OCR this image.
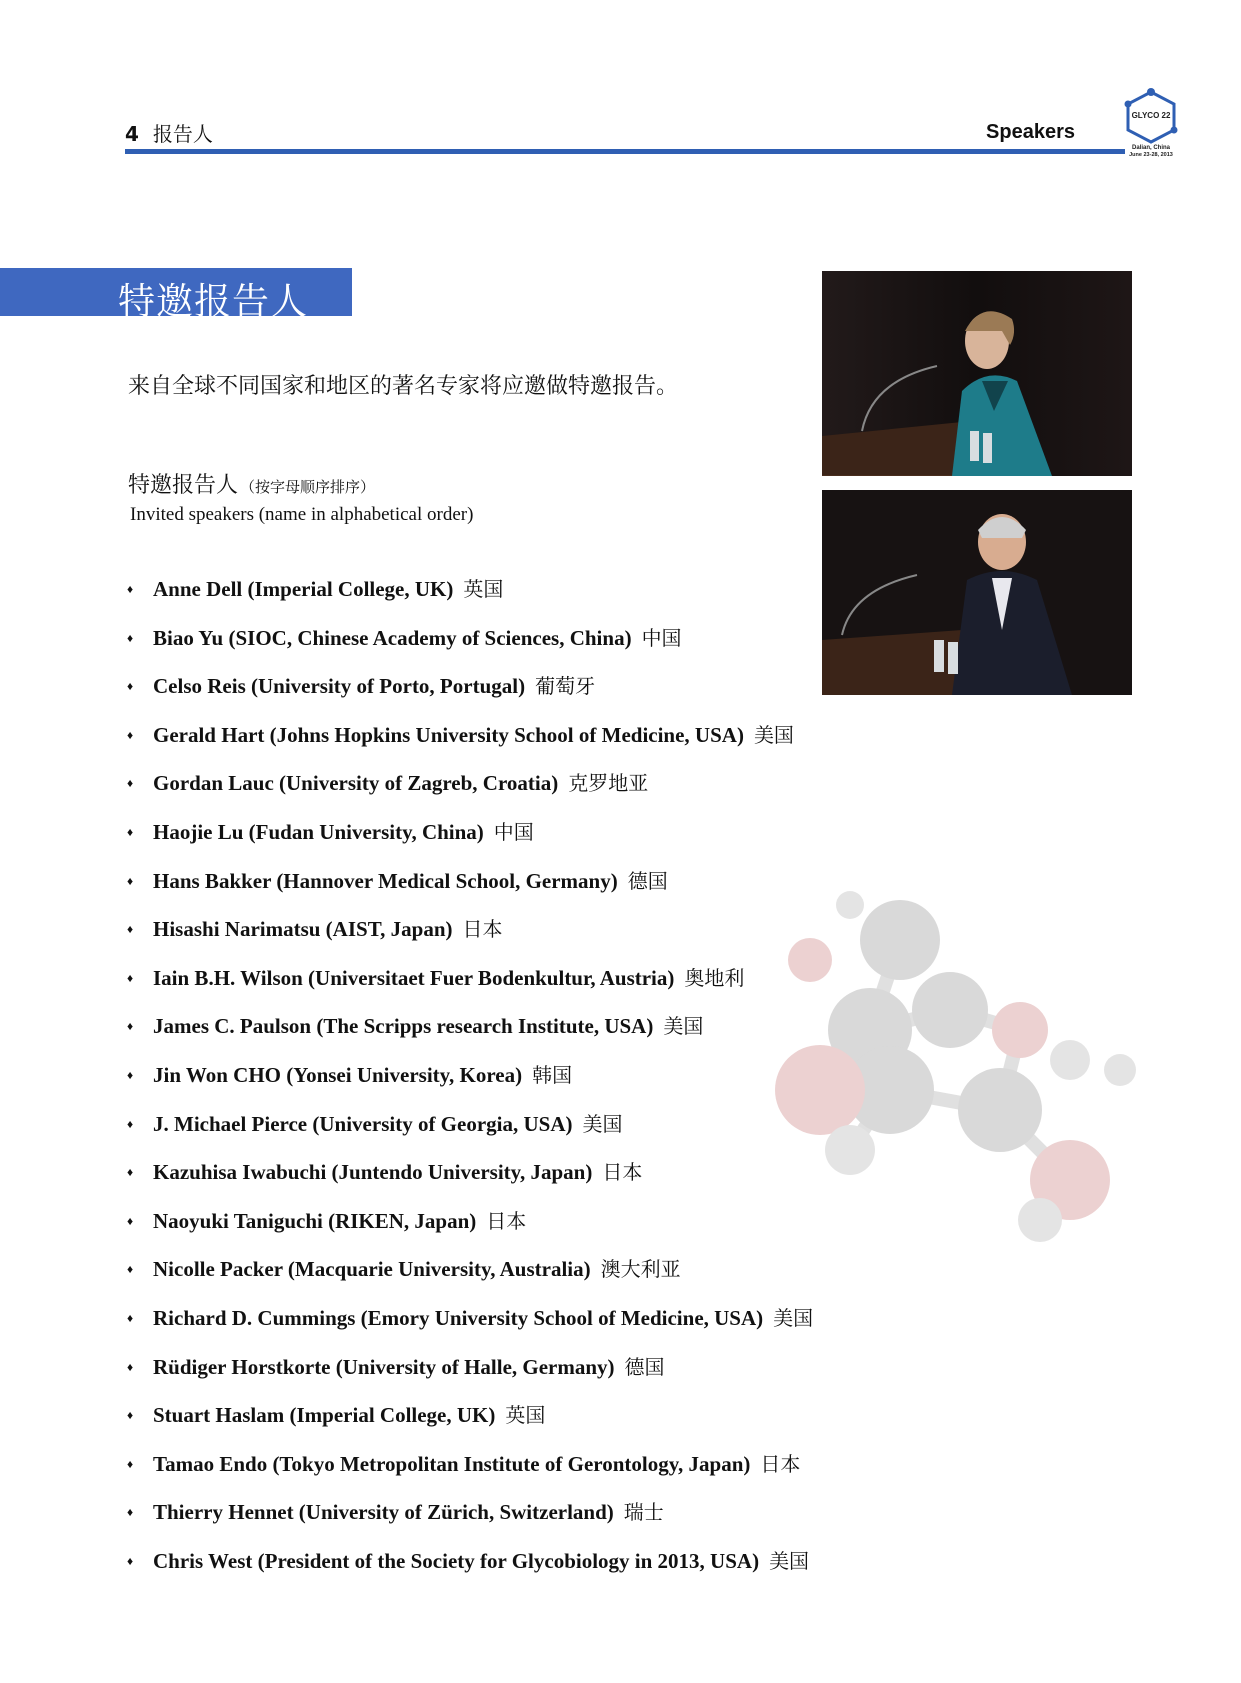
4 报告人	Speakers
GLYCO 22
Dalian, China
June 23-28, 2013
特邀报告人
来自全球不同国家和地区的著名专家将应邀做特邀报告。
特邀报告人 （按字母顺序排序）
Invited speakers (name in alphabetical order)
♦ Anne Dell (Imperial College, UK) 英国
♦ Biao Yu (SIOC, Chinese Academy of Sciences, China) 中国
♦ Celso Reis (University of Porto, Portugal) 葡萄牙
♦ Gerald Hart (Johns Hopkins University School of Medicine, USA) 美国
♦ Gordan Lauc (University of Zagreb, Croatia) 克罗地亚
♦ Haojie Lu (Fudan University, China) 中国
♦ Hans Bakker (Hannover Medical School, Germany) 德国
♦ Hisashi Narimatsu (AIST, Japan) 日本
♦ Iain B.H. Wilson (Universitaet Fuer Bodenkultur, Austria) 奥地利
♦ James C. Paulson (The Scripps research Institute, USA) 美国
♦ Jin Won CHO (Yonsei University, Korea) 韩国
♦ J. Michael Pierce (University of Georgia, USA) 美国
♦ Kazuhisa Iwabuchi (Juntendo University, Japan) 日本
♦ Naoyuki Taniguchi (RIKEN, Japan) 日本
♦ Nicolle Packer (Macquarie University, Australia) 澳大利亚
♦ Richard D. Cummings (Emory University School of Medicine, USA) 美国
♦ Rüdiger Horstkorte (University of Halle, Germany) 德国
♦ Stuart Haslam (Imperial College, UK) 英国
♦ Tamao Endo (Tokyo Metropolitan Institute of Gerontology, Japan) 日本
♦ Thierry Hennet (University of Zürich, Switzerland) 瑞士
♦ Chris West (President of the Society for Glycobiology in 2013, USA) 美国
